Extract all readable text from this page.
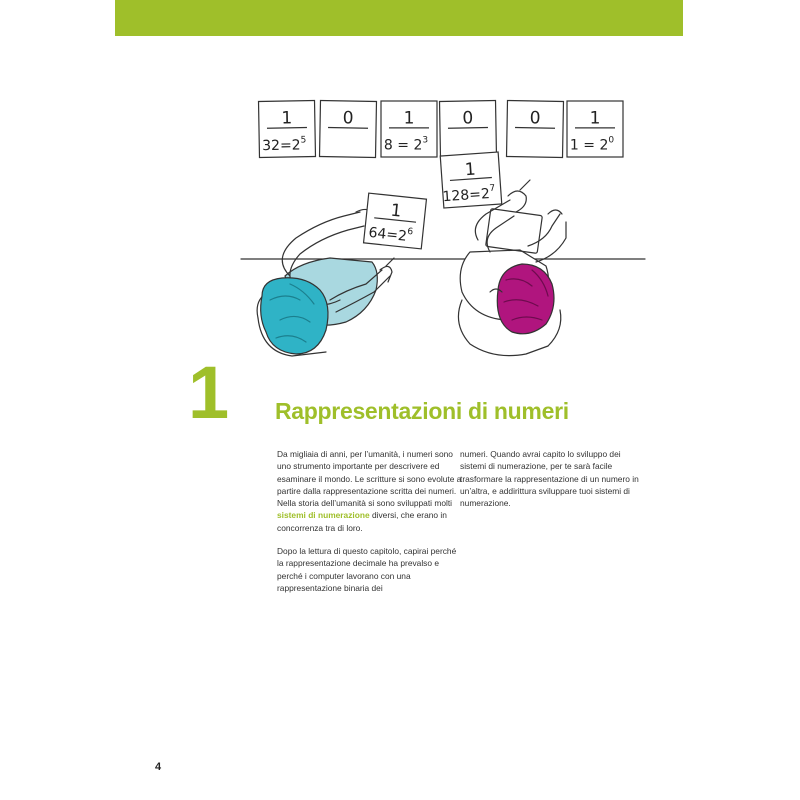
1
$32=2^5$
0	1
$8 = 2^3$
0	0	1
$1 = 2^0$
1
$64=2^6$
1
$128=2^7$
1 Rappresentazioni di numeri

Da migliaia di anni, per l’umanità, i numeri sono uno strumento importante per descrivere ed esaminare il mondo. Le scritture si sono evolute a partire dalla rappresentazione scritta dei numeri. Nella storia dell’umanità si sono sviluppati molti sistemi di numerazione diversi, che erano in concorrenza tra di loro.

Dopo la lettura di questo capitolo, capirai perché la rappresentazione decimale ha prevalso e perché i computer lavorano con una rappresentazione binaria dei

numeri. Quando avrai capito lo sviluppo dei sistemi di numerazione, per te sarà facile trasformare la rappresentazione di un numero in un’altra, e addirittura sviluppare tuoi sistemi di numerazione.

4
